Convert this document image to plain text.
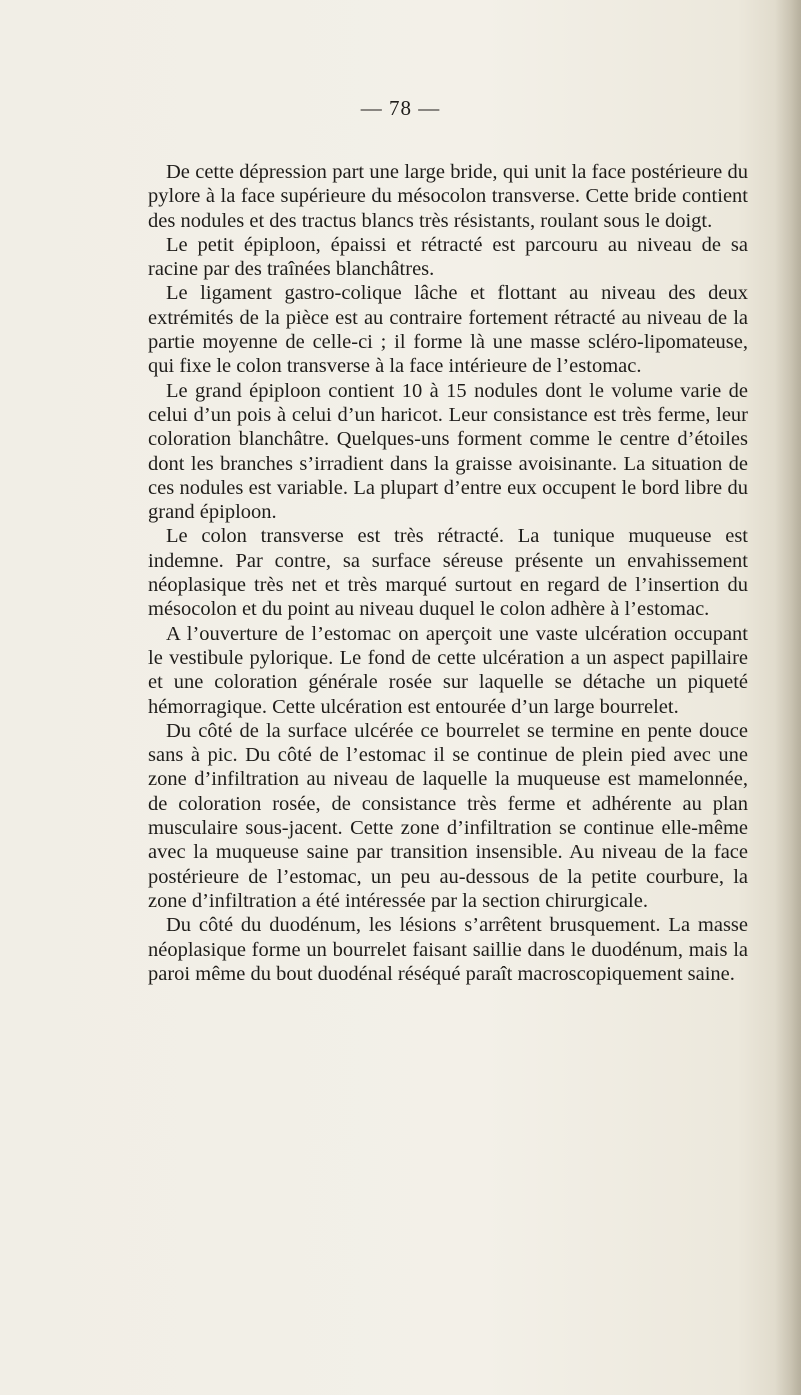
— 78 —

De cette dépression part une large bride, qui unit la face postérieure du pylore à la face supérieure du mésocolon transverse. Cette bride contient des nodules et des tractus blancs très résistants, roulant sous le doigt.

Le petit épiploon, épaissi et rétracté est parcouru au niveau de sa racine par des traînées blanchâtres.

Le ligament gastro-colique lâche et flottant au niveau des deux extrémités de la pièce est au contraire fortement rétracté au niveau de la partie moyenne de celle-ci ; il forme là une masse scléro-lipomateuse, qui fixe le colon transverse à la face intérieure de l’estomac.

Le grand épiploon contient 10 à 15 nodules dont le volume varie de celui d’un pois à celui d’un haricot. Leur consistance est très ferme, leur coloration blanchâtre. Quelques-uns forment comme le centre d’étoiles dont les branches s’irradient dans la graisse avoisinante. La situation de ces nodules est variable. La plupart d’entre eux occupent le bord libre du grand épiploon.

Le colon transverse est très rétracté. La tunique muqueuse est indemne. Par contre, sa surface séreuse présente un envahissement néoplasique très net et très marqué surtout en regard de l’insertion du mésocolon et du point au niveau duquel le colon adhère à l’estomac.

A l’ouverture de l’estomac on aperçoit une vaste ulcération occupant le vestibule pylorique. Le fond de cette ulcération a un aspect papillaire et une coloration générale rosée sur laquelle se détache un piqueté hémorragique. Cette ulcération est entourée d’un large bourrelet.

Du côté de la surface ulcérée ce bourrelet se termine en pente douce sans à pic. Du côté de l’estomac il se continue de plein pied avec une zone d’infiltration au niveau de laquelle la muqueuse est mamelonnée, de coloration rosée, de consistance très ferme et adhérente au plan musculaire sous-jacent. Cette zone d’infiltration se continue elle-même avec la muqueuse saine par transition insensible. Au niveau de la face postérieure de l’estomac, un peu au-dessous de la petite courbure, la zone d’infiltration a été intéressée par la section chirurgicale.

Du côté du duodénum, les lésions s’arrêtent brusquement. La masse néoplasique forme un bourrelet faisant saillie dans le duodénum, mais la paroi même du bout duodénal réséqué paraît macroscopiquement saine.
